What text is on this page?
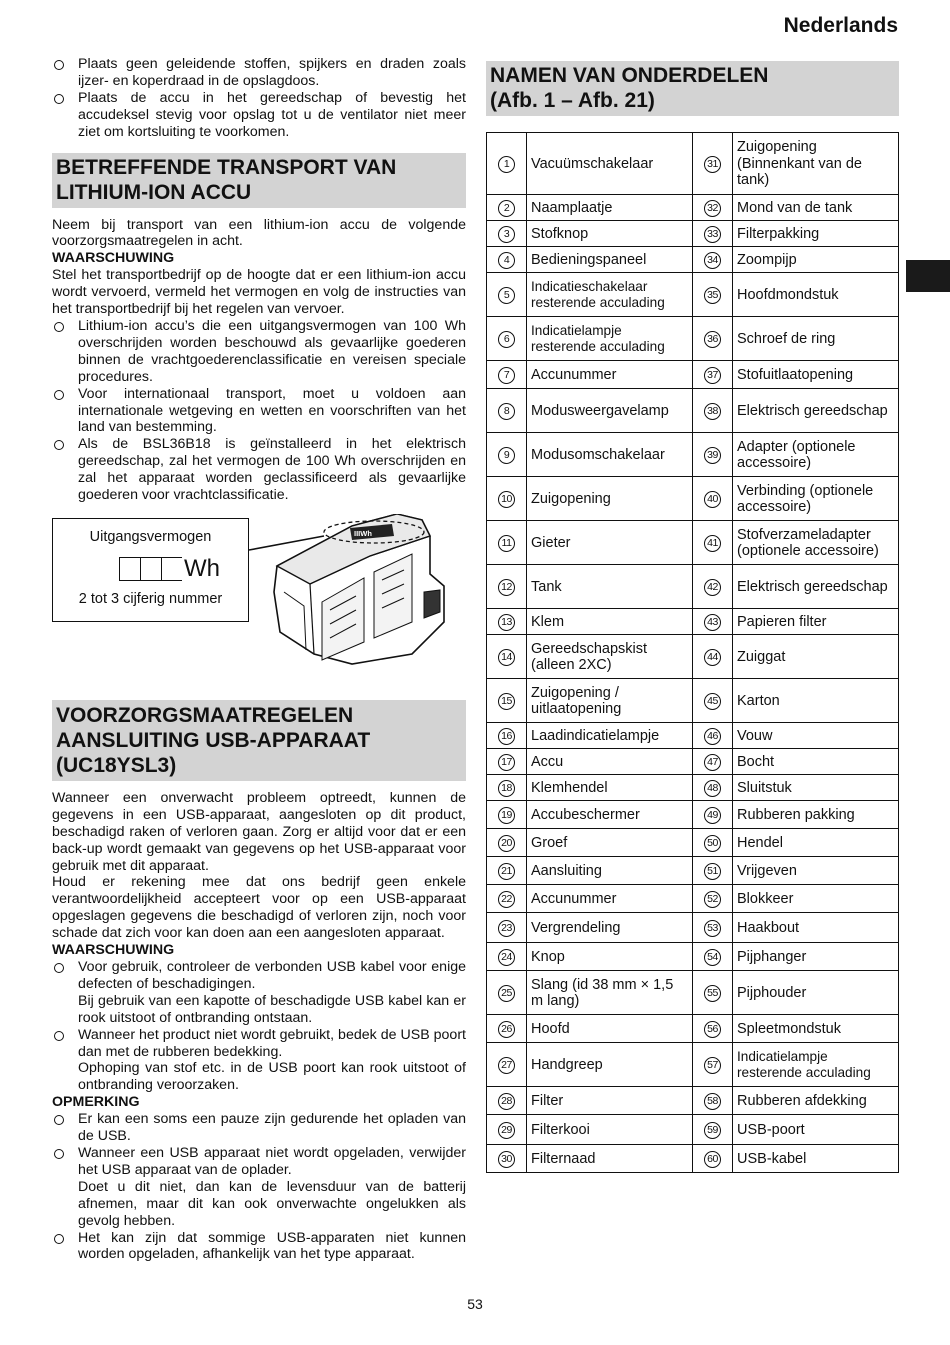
Nederlands
Plaats geen geleidende stoffen, spijkers en draden zoals ijzer- en koperdraad in de opslagdoos.
Plaats de accu in het gereedschap of bevestig het accudeksel stevig voor opslag tot u de ventilator niet meer ziet om kortsluiting te voorkomen.
BETREFFENDE TRANSPORT VAN LITHIUM-ION ACCU
Neem bij transport van een lithium-ion accu de volgende voorzorgsmaatregelen in acht.
WAARSCHUWING
Stel het transportbedrijf op de hoogte dat er een lithium-ion accu wordt vervoerd, vermeld het vermogen en volg de instructies van het transportbedrijf bij het regelen van vervoer.
Lithium-ion accu’s die een uitgangsvermogen van 100 Wh overschrijden worden beschouwd als gevaarlijke goederen binnen de vrachtgoederenclassificatie en vereisen speciale procedures.
Voor internationaal transport, moet u voldoen aan internationale wetgeving en wetten en voorschriften van het land van bestemming.
Als de BSL36B18 is geïnstalleerd in het elektrisch gereedschap, zal het vermogen de 100 Wh overschrijden en zal het apparaat worden geclassificeerd als gevaarlijke goederen voor vrachtclassificatie.
IIIWh
Uitgangsvermogen
Wh
2 tot 3 cijferig nummer
VOORZORGSMAATREGELEN
AANSLUITING USB-APPARAAT
(UC18YSL3)
Wanneer een onverwacht probleem optreedt, kunnen de gegevens in een USB-apparaat, aangesloten op dit product, beschadigd raken of verloren gaan. Zorg er altijd voor dat er een back-up wordt gemaakt van gegevens op het USB-apparaat voor gebruik met dit apparaat.
Houd er rekening mee dat ons bedrijf geen enkele verantwoordelijkheid accepteert voor op een USB-apparaat opgeslagen gegevens die beschadigd of verloren zijn, noch voor schade dat zich voor kan doen aan een aangesloten apparaat.
WAARSCHUWING
Voor gebruik, controleer de verbonden USB kabel voor enige defecten of beschadigingen.
Bij gebruik van een kapotte of beschadigde USB kabel kan er rook uitstoot of ontbranding ontstaan.
Wanneer het product niet wordt gebruikt, bedek de USB poort dan met de rubberen bedekking.
Ophoping van stof etc. in de USB poort kan rook uitstoot of ontbranding veroorzaken.
OPMERKING
Er kan een soms een pauze zijn gedurende het opladen van de USB.
Wanneer een USB apparaat niet wordt opgeladen, verwijder het USB apparaat van de oplader.
Doet u dit niet, dan kan de levensduur van de batterij afnemen, maar dit kan ook onverwachte ongelukken als gevolg hebben.
Het kan zijn dat sommige USB-apparaten niet kunnen worden opgeladen, afhankelijk van het type apparaat.
NAMEN VAN ONDERDELEN
(Afb. 1 – Afb. 21)
1	Vacuümschakelaar	31	Zuigopening (Binnenkant van de tank)
2	Naamplaatje	32	Mond van de tank
3	Stofknop	33	Filterpakking
4	Bedieningspaneel	34	Zoompijp
5	Indicatieschakelaar resterende acculading	35	Hoofdmondstuk
6	Indicatielampje resterende acculading	36	Schroef de ring
7	Accunummer	37	Stofuitlaatopening
8	Modusweergavelamp	38	Elektrisch gereedschap
9	Modusomschakelaar	39	Adapter (optionele accessoire)
10	Zuigopening	40	Verbinding (optionele accessoire)
11	Gieter	41	Stofverzameladapter (optionele accessoire)
12	Tank	42	Elektrisch gereedschap
13	Klem	43	Papieren filter
14	Gereedschapskist (alleen 2XC)	44	Zuiggat
15	Zuigopening / uitlaatopening	45	Karton
16	Laadindicatielampje	46	Vouw
17	Accu	47	Bocht
18	Klemhendel	48	Sluitstuk
19	Accubeschermer	49	Rubberen pakking
20	Groef	50	Hendel
21	Aansluiting	51	Vrijgeven
22	Accunummer	52	Blokkeer
23	Vergrendeling	53	Haakbout
24	Knop	54	Pijphanger
25	Slang (id 38 mm × 1,5 m lang)	55	Pijphouder
26	Hoofd	56	Spleetmondstuk
27	Handgreep	57	Indicatielampje resterende acculading
28	Filter	58	Rubberen afdekking
29	Filterkooi	59	USB-poort
30	Filternaad	60	USB-kabel
53
